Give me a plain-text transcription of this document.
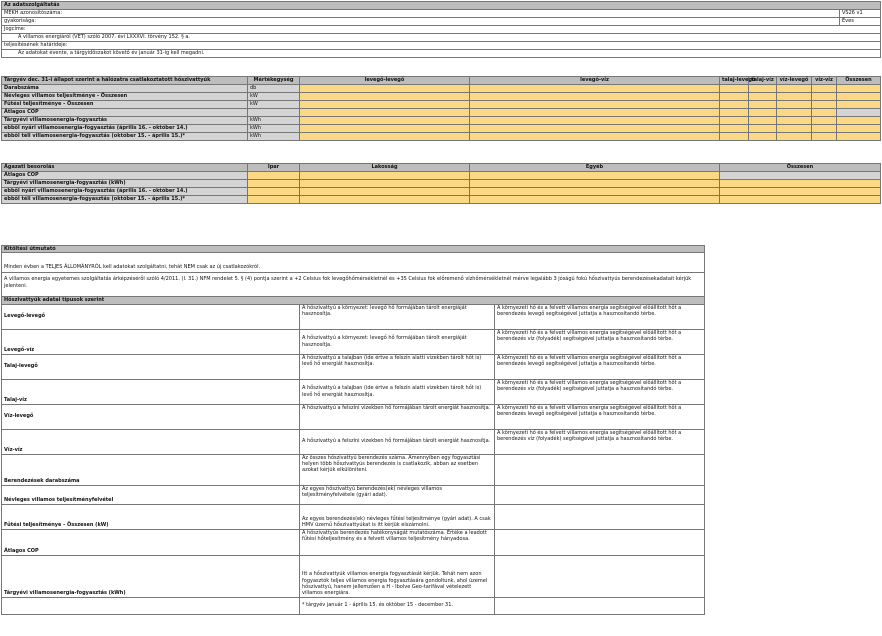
Az adatszolgáltatás	
MEKH azonosítószáma:	VS26 v1
gyakorisága:	Éves
Jogcíme:	
A villamos energiáról (VET) szóló 2007. évi LXXXVI. törvény 152. § a.	
teljesítésének határideje:	
Az adatokat évente, a tárgyidőszakot követő év január 31-ig kell megadni.	
Tárgyév dec. 31-i állapot szerint a hálózatra csatlakoztatott hőszivattyúk	Mértékegység	levegő-levegő	levegő-víz	talaj-levegő	talaj-víz	víz-levegő	víz-víz	Összesen
Darabszáma	db							
Névleges villamos teljesítménye - Összesen	kW							
Fűtési teljesítménye - Összesen	kW							
Átlagos COP								
Tárgyévi villamosenergia-fogyasztás	kWh							
ebből nyári villamosenergia-fogyasztás (április 16. - október 14.)	kWh							
ebből téli villamosenergia-fogyasztás (október 15. - április 15.)*	kWh							
Ágazati besorolás	Ipar	Lakosság	Egyéb	Összesen
Átlagos COP				
Tárgyévi villamosenergia-fogyasztás (kWh)				
ebből nyári villamosenergia-fogyasztás (április 16. - október 14.)				
ebből téli villamosenergia-fogyasztás (október 15. - április 15.)*				
Kitöltési útmutató		

Minden évben a TELJES ÁLLOMÁNYRÓL kell adatokat szolgáltatni, tehát NEM csak az új csatlakozókról.		
A villamos energia egyetemes szolgáltatás árképzéséről szóló 4/2011. (I. 31.) NFM rendelet 5. § (4) pontja szerint a +2 Celsius fok levegőhőmérsékletnél és +35 Celsius fok előremenő vízhőmérsékletnél mérve legalább 3 jóságú fokú hőszivattyús berendezésekadatait kérjük jelenteni.		
Hőszivattyúk adatai típusok szerint		
Levegő-levegő	A hőszivattyú a környezet: levegő hő formájában tárolt energiáját hasznosítja.	A környezeti hő és a felvett villamos energia segítségével előállított hőt a berendezés levegő segítségével juttatja a hasznosítandó térbe.
Levegő-víz	A hőszivattyú a környezet: levegő hő formájában tárolt energiáját hasznosítja.	A környezeti hő és a felvett villamos energia segítségével előállított hőt a berendezés víz (folyadék) segítségével juttatja a hasznosítandó térbe.
Talaj-levegő	A hőszivattyú a talajban (ide értve a felszín alatti vizekben tárolt hőt is) levő hő energiát hasznosítja.	A környezeti hő és a felvett villamos energia segítségével előállított hőt a berendezés levegő segítségével juttatja a hasznosítandó térbe.
Talaj-víz	A hőszivattyú a talajban (ide értve a felszín alatti vizekben tárolt hőt is) levő hő energiát hasznosítja.	A környezeti hő és a felvett villamos energia segítségével előállított hőt a berendezés víz (folyadék) segítségével juttatja a hasznosítandó térbe.
Víz-levegő	A hőszivattyú a felszíni vizekben hő formájában tárolt energiát hasznosítja.	A környezeti hő és a felvett villamos energia segítségével előállított hőt a berendezés levegő segítségével juttatja a hasznosítandó térbe.
Víz-víz	A hőszivattyú a felszíni vizekben hő formájában tárolt energiát hasznosítja.	A környezeti hő és a felvett villamos energia segítségével előállított hőt a berendezés víz (folyadék) segítségével juttatja a hasznosítandó térbe.
Berendezések darabszáma	Az összes hőszivattyú berendezés száma. Amennyiben egy fogyasztási helyen több hőszivattyús berendezés is csatlakozik, abban az esetben azokat kérjük elkülöníteni.	
Névleges villamos teljesítményfelvétel	Az egyes hőszivattyú berendezés(ek) névleges villamos teljesítményfelvétele (gyári adat).	
Fűtési teljesítménye - Összesen (kW)	Az egyes berendezés(ek) névleges fűtési teljesítménye (gyári adat). A csak HMV üzemű hőszivattyúkat is itt kérjük elszámolni.	
Átlagos COP	A hőszivattyús berendezés hatékonyságát mutatószáma. Értéke a leadott fűtési hőteljesítmény és a felvett villamos teljesítmény hányadosa.	
Tárgyévi villamosenergia-fogyasztás (kWh)	Itt a hőszivattyúk villamos energia fogyasztását kérjük. Tehát nem azon fogyasztók teljes villamos energia fogyasztására gondoltunk, ahol üzemel hőszivattyú, hanem jellemzően a H - Ibolve Geo-tarifával vételezett villamos energiára.	
	* tárgyév január 1 - április 15. és október 15 - december 31.	
